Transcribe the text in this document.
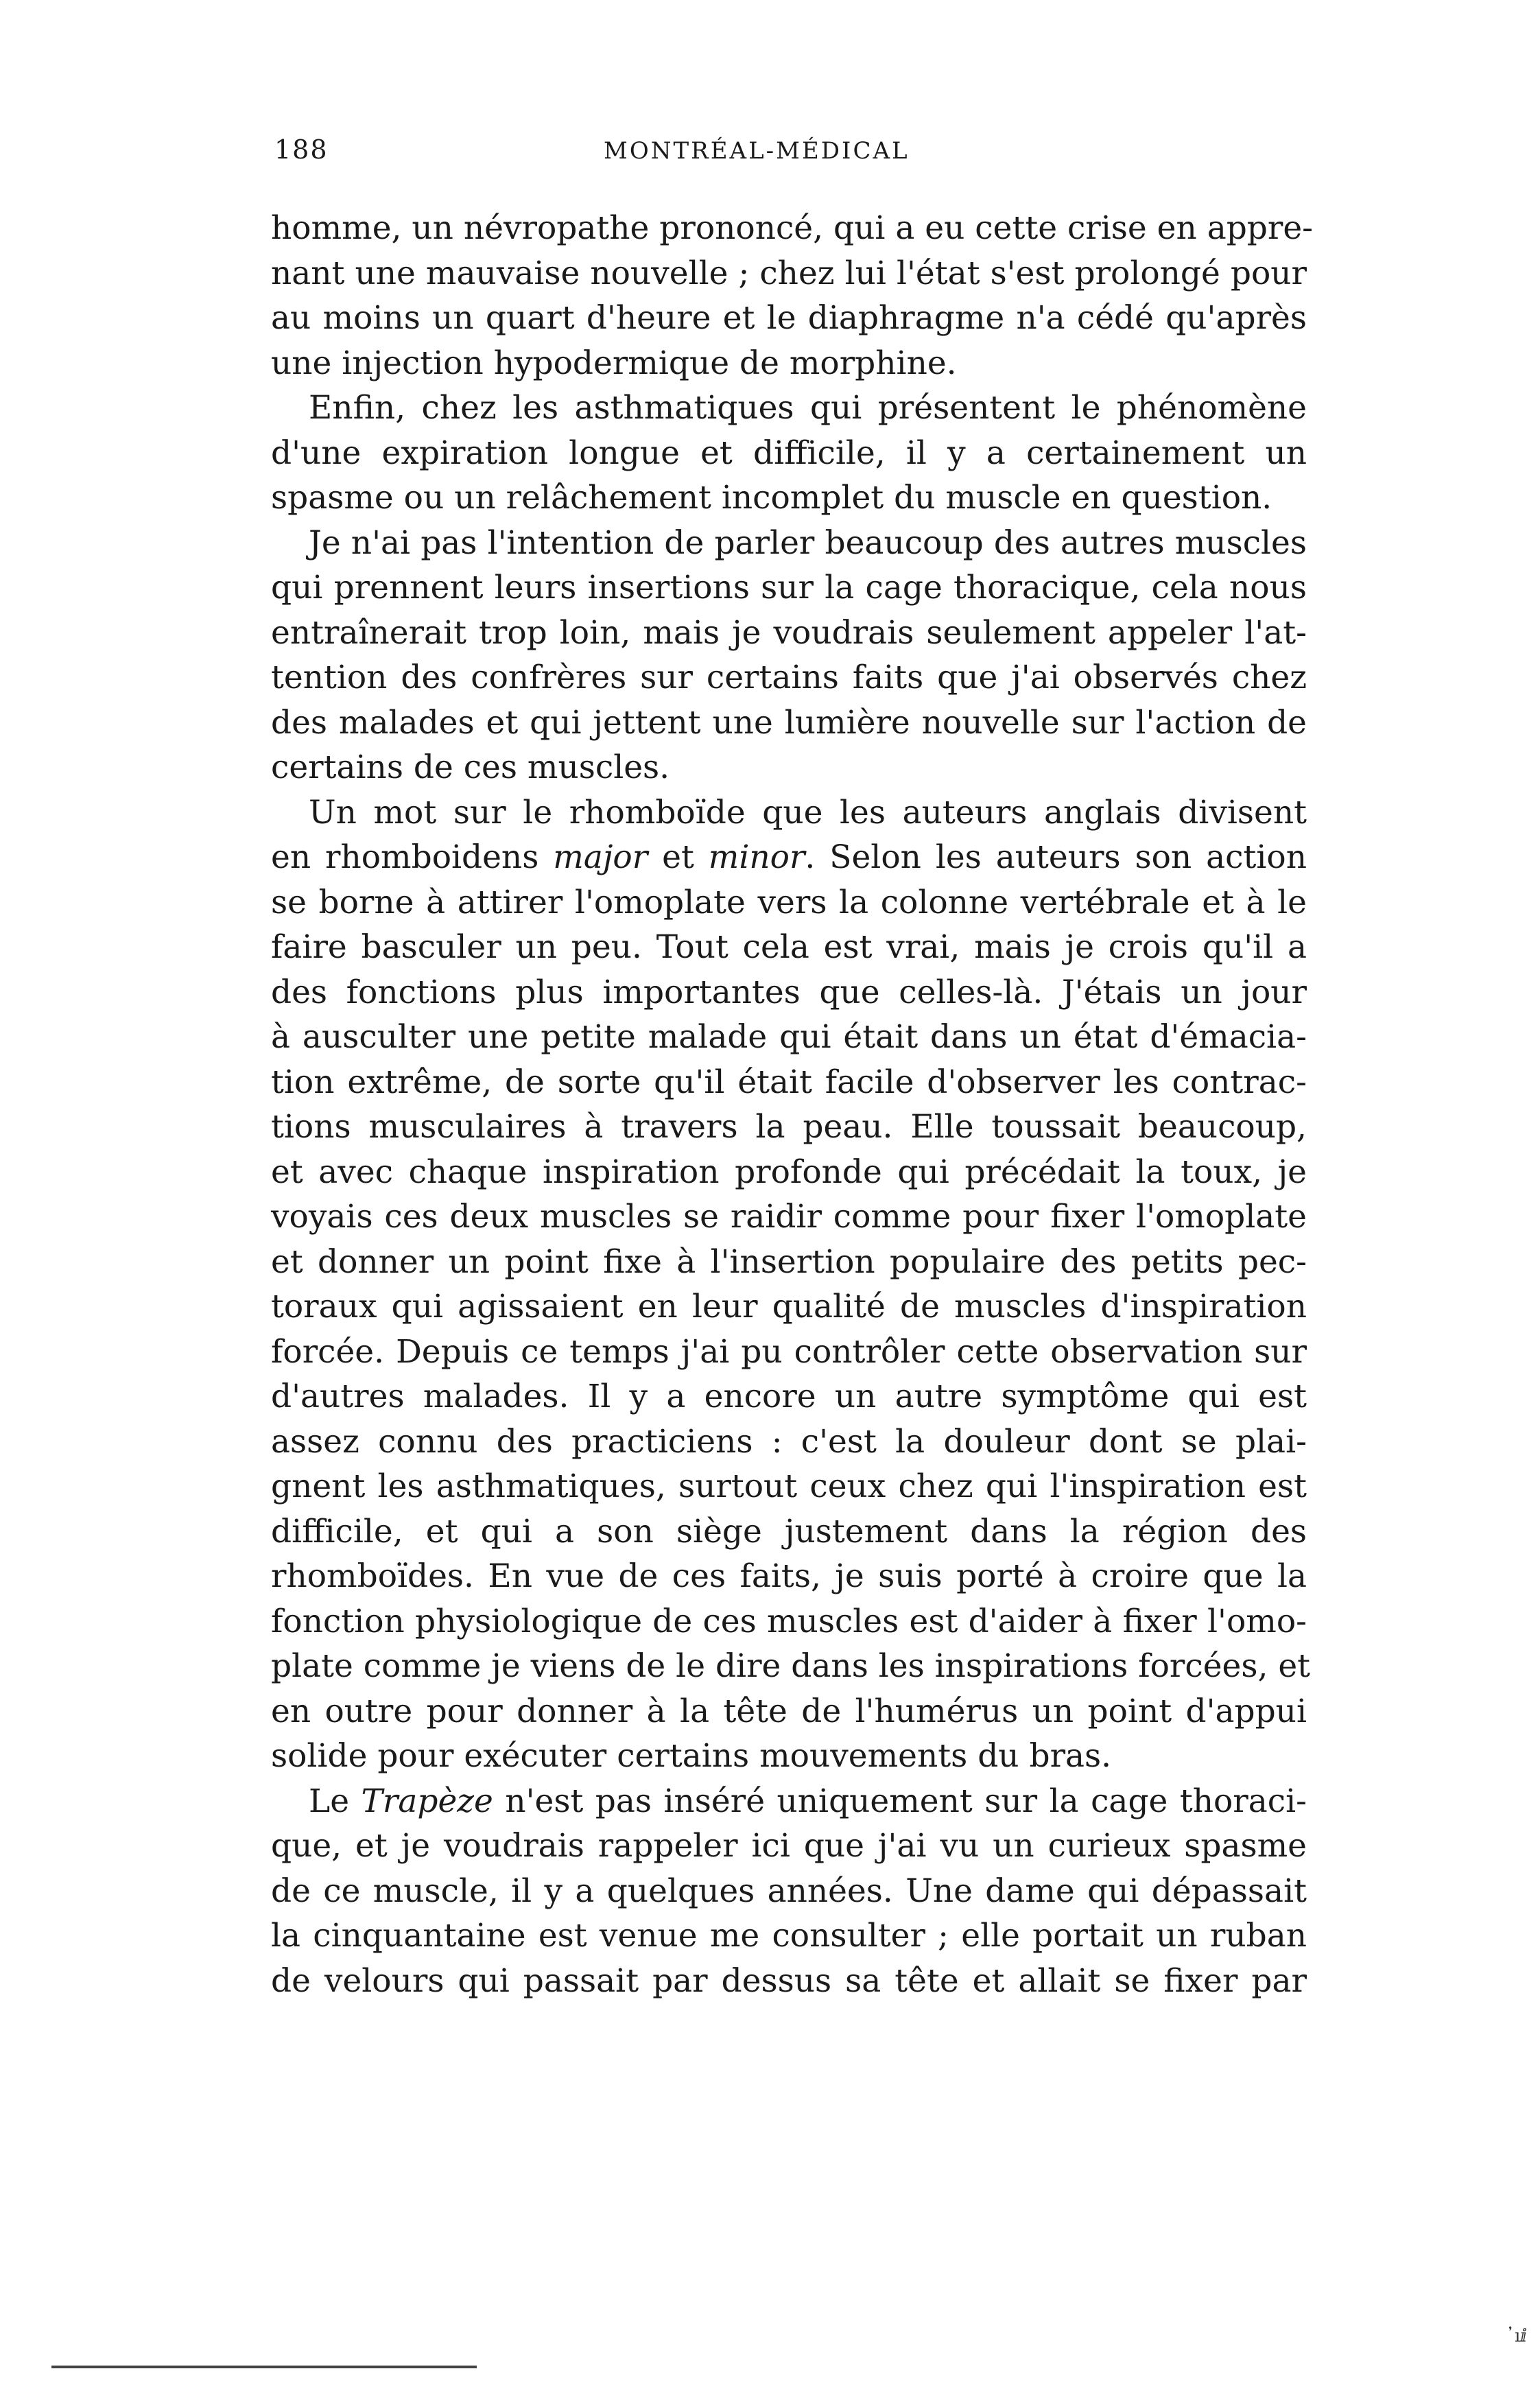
188	MONTRÉAL-MÉDICAL
homme, un névropathe prononcé, qui a eu cette crise en appre-
nant une mauvaise nouvelle ; chez lui l'état s'est prolongé pour
au moins un quart d'heure et le diaphragme n'a cédé qu'après
une injection hypodermique de morphine.
Enfin, chez les asthmatiques qui présentent le phénomène
d'une expiration longue et difficile, il y a certainement un
spasme ou un relâchement incomplet du muscle en question.
Je n'ai pas l'intention de parler beaucoup des autres muscles
qui prennent leurs insertions sur la cage thoracique, cela nous
entraînerait trop loin, mais je voudrais seulement appeler l'at-
tention des confrères sur certains faits que j'ai observés chez
des malades et qui jettent une lumière nouvelle sur l'action de
certains de ces muscles.
Un mot sur le rhomboïde que les auteurs anglais divisent
en rhomboidens major et minor. Selon les auteurs son action
se borne à attirer l'omoplate vers la colonne vertébrale et à le
faire basculer un peu. Tout cela est vrai, mais je crois qu'il a
des fonctions plus importantes que celles-là. J'étais un jour
à ausculter une petite malade qui était dans un état d'émacia-
tion extrême, de sorte qu'il était facile d'observer les contrac-
tions musculaires à travers la peau. Elle toussait beaucoup,
et avec chaque inspiration profonde qui précédait la toux, je
voyais ces deux muscles se raidir comme pour fixer l'omoplate
et donner un point fixe à l'insertion populaire des petits pec-
toraux qui agissaient en leur qualité de muscles d'inspiration
forcée. Depuis ce temps j'ai pu contrôler cette observation sur
d'autres malades. Il y a encore un autre symptôme qui est
assez connu des practiciens : c'est la douleur dont se plai-
gnent les asthmatiques, surtout ceux chez qui l'inspiration est
difficile, et qui a son siège justement dans la région des
rhomboïdes. En vue de ces faits, je suis porté à croire que la
fonction physiologique de ces muscles est d'aider à fixer l'omo-
plate comme je viens de le dire dans les inspirations forcées, et
en outre pour donner à la tête de l'humérus un point d'appui
solide pour exécuter certains mouvements du bras.
Le Trapèze n'est pas inséré uniquement sur la cage thoraci-
que, et je voudrais rappeler ici que j'ai vu un curieux spasme
de ce muscle, il y a quelques années. Une dame qui dépassait
la cinquantaine est venue me consulter ; elle portait un ruban
de velours qui passait par dessus sa tête et allait se fixer par
᾽ıⅈ
